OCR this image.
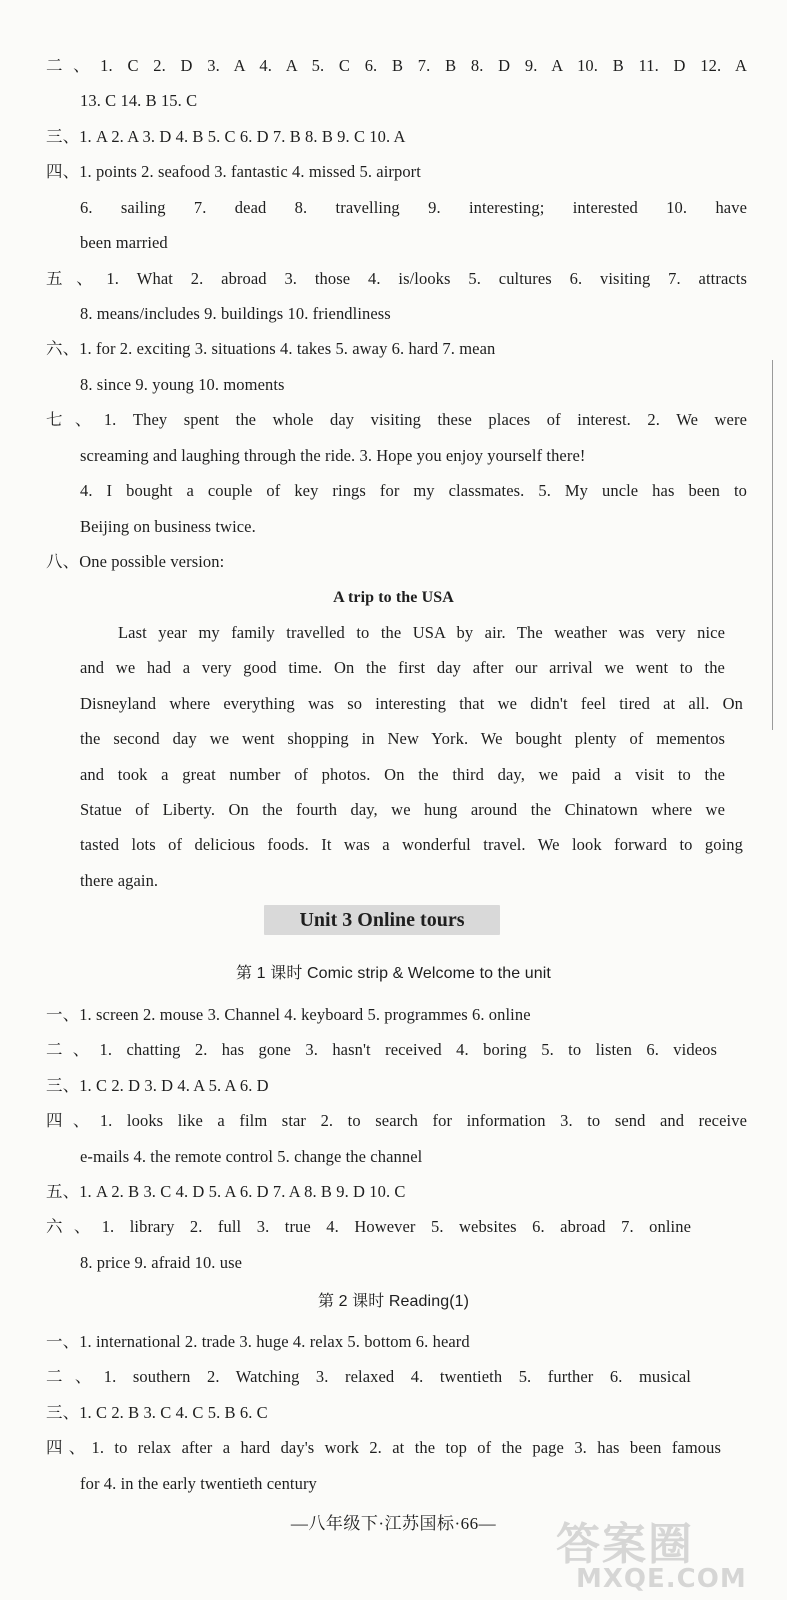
二、1. C 2. D 3. A 4. A 5. C 6. B 7. B 8. D 9. A 10. B 11. D 12. A
13. C 14. B 15. C
三、1. A 2. A 3. D 4. B 5. C 6. D 7. B 8. B 9. C 10. A
四、1. points 2. seafood 3. fantastic 4. missed 5. airport
6. sailing 7. dead 8. travelling 9. interesting; interested 10. have
been married
五、1. What 2. abroad 3. those 4. is/looks 5. cultures 6. visiting 7. attracts
8. means/includes 9. buildings 10. friendliness
六、1. for 2. exciting 3. situations 4. takes 5. away 6. hard 7. mean
8. since 9. young 10. moments
七、1. They spent the whole day visiting these places of interest. 2. We were
screaming and laughing through the ride. 3. Hope you enjoy yourself there!
4. I bought a couple of key rings for my classmates. 5. My uncle has been to
Beijing on business twice.
八、One possible version:
A trip to the USA
Last year my family travelled to the USA by air. The weather was very nice
and we had a very good time. On the first day after our arrival we went to the
Disneyland where everything was so interesting that we didn't feel tired at all. On
the second day we went shopping in New York. We bought plenty of mementos
and took a great number of photos. On the third day, we paid a visit to the
Statue of Liberty. On the fourth day, we hung around the Chinatown where we
tasted lots of delicious foods. It was a wonderful travel. We look forward to going
there again.
Unit 3 Online tours
第 1 课时 Comic strip & Welcome to the unit
一、1. screen 2. mouse 3. Channel 4. keyboard 5. programmes 6. online
二、1. chatting 2. has gone 3. hasn't received 4. boring 5. to listen 6. videos
三、1. C 2. D 3. D 4. A 5. A 6. D
四、1. looks like a film star 2. to search for information 3. to send and receive
e-mails 4. the remote control 5. change the channel
五、1. A 2. B 3. C 4. D 5. A 6. D 7. A 8. B 9. D 10. C
六、1. library 2. full 3. true 4. However 5. websites 6. abroad 7. online
8. price 9. afraid 10. use
第 2 课时 Reading(1)
一、1. international 2. trade 3. huge 4. relax 5. bottom 6. heard
二、1. southern 2. Watching 3. relaxed 4. twentieth 5. further 6. musical
三、1. C 2. B 3. C 4. C 5. B 6. C
四、1. to relax after a hard day's work 2. at the top of the page 3. has been famous
for 4. in the early twentieth century
—八年级下·江苏国标·66—	答案圈
MXQE.COM
